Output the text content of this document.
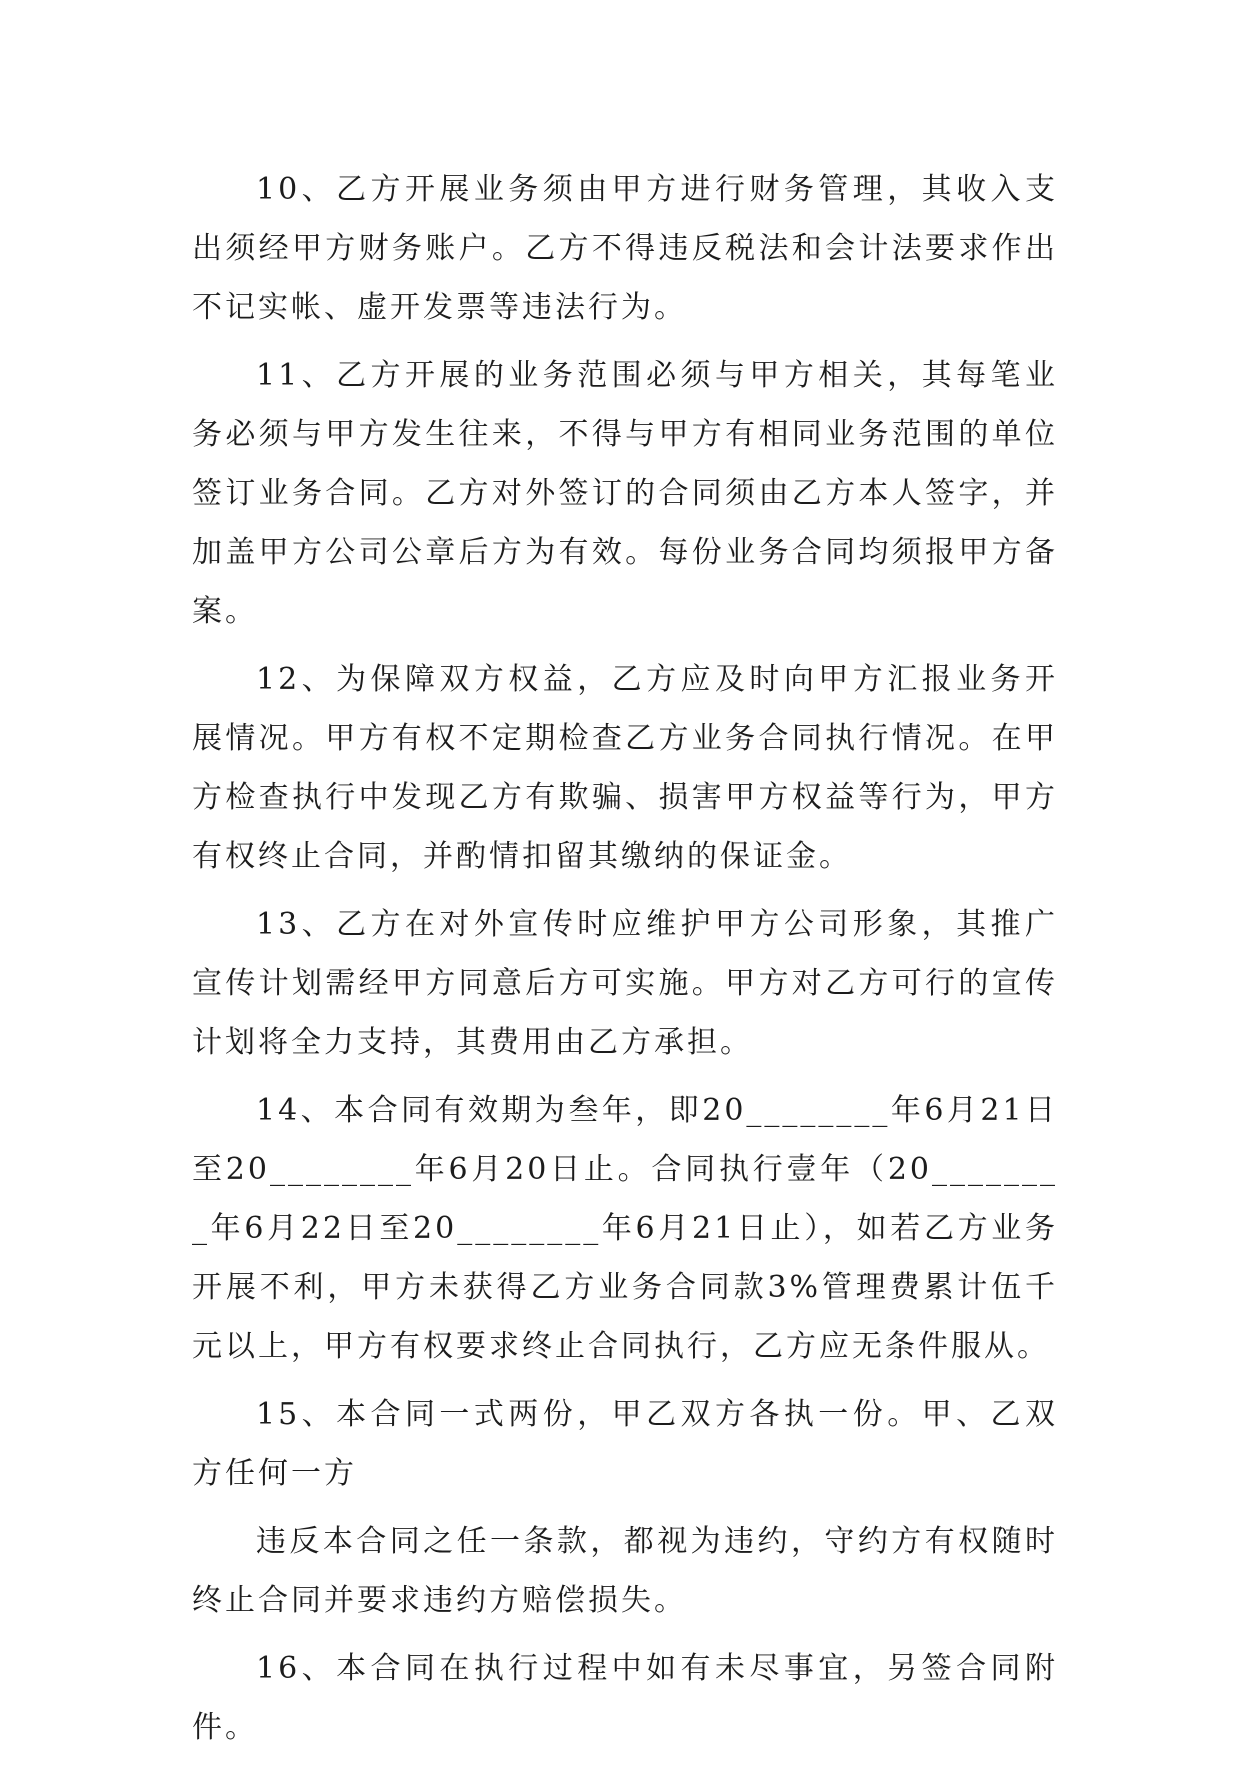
10、乙方开展业务须由甲方进行财务管理，其收入支出须经甲方财务账户。乙方不得违反税法和会计法要求作出不记实帐、虚开发票等违法行为。

11、乙方开展的业务范围必须与甲方相关，其每笔业务必须与甲方发生往来，不得与甲方有相同业务范围的单位签订业务合同。乙方对外签订的合同须由乙方本人签字，并加盖甲方公司公章后方为有效。每份业务合同均须报甲方备案。

12、为保障双方权益，乙方应及时向甲方汇报业务开展情况。甲方有权不定期检查乙方业务合同执行情况。在甲方检查执行中发现乙方有欺骗、损害甲方权益等行为，甲方有权终止合同，并酌情扣留其缴纳的保证金。

13、乙方在对外宣传时应维护甲方公司形象，其推广宣传计划需经甲方同意后方可实施。甲方对乙方可行的宣传计划将全力支持，其费用由乙方承担。

14、本合同有效期为叁年，即20________年6月21日至20________年6月20日止。合同执行壹年（20________年6月22日至20________年6月21日止），如若乙方业务开展不利，甲方未获得乙方业务合同款3%管理费累计伍千元以上，甲方有权要求终止合同执行，乙方应无条件服从。

15、本合同一式两份，甲乙双方各执一份。甲、乙双方任何一方

违反本合同之任一条款，都视为违约，守约方有权随时终止合同并要求违约方赔偿损失。

16、本合同在执行过程中如有未尽事宜，另签合同附件。
